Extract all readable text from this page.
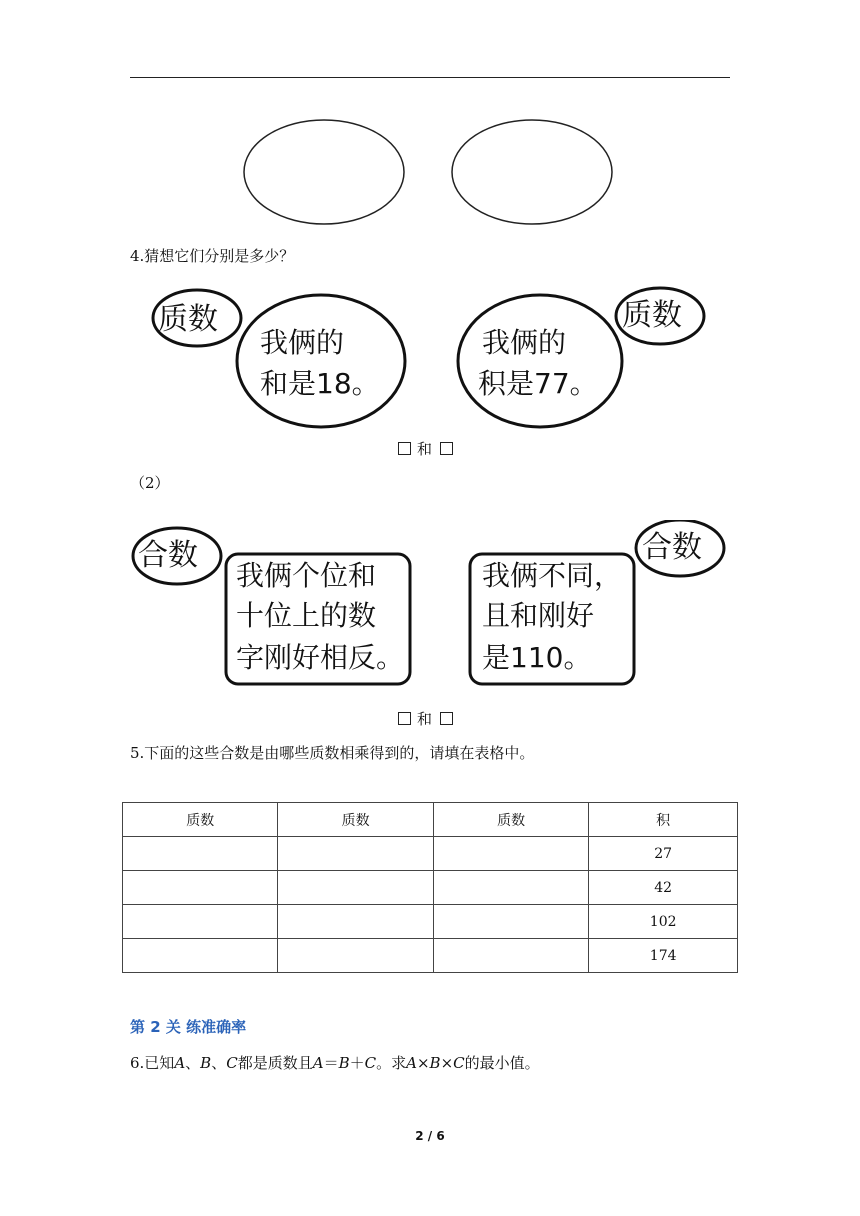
4.猜想它们分别是多少？
质数
我俩的
和是18。
我俩的
积是77。
质数
和
（2）
合数
我俩个位和
十位上的数
字刚好相反。
我俩不同，
且和刚好
是110。
合数
和
5.下面的这些合数是由哪些质数相乘得到的，请填在表格中。
质数	质数	质数	积
			27
			42
			102
			174
第 2 关 练准确率
6.已知A、B、C都是质数且A＝B＋C。求A×B×C的最小值。
2 / 6
